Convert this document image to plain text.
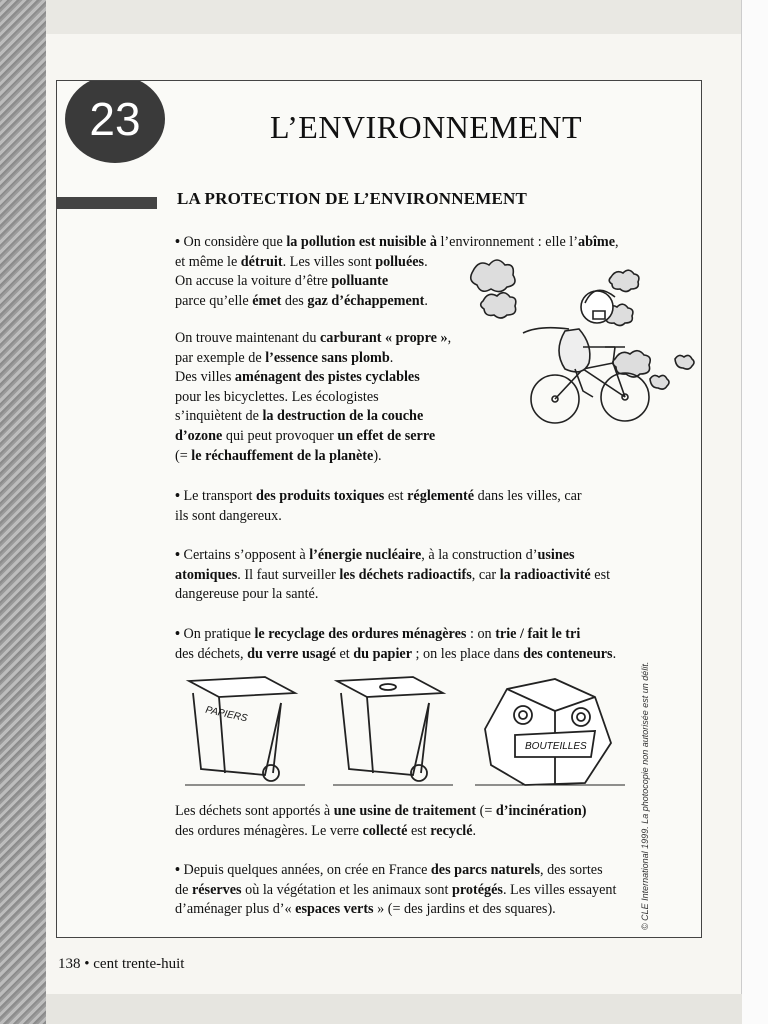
23	L’ENVIRONNEMENT
LA PROTECTION DE L’ENVIRONNEMENT
• On considère que la pollution est nuisible à l’environnement : elle l’abîme,
et même le détruit. Les villes sont polluées.
On accuse la voiture d’être polluante
parce qu’elle émet des gaz d’échappement.
On trouve maintenant du carburant « propre »,
par exemple de l’essence sans plomb.
Des villes aménagent des pistes cyclables
pour les bicyclettes. Les écologistes
s’inquiètent de la destruction de la couche
d’ozone qui peut provoquer un effet de serre
(= le réchauffement de la planète).
• Le transport des produits toxiques est réglementé dans les villes, car
ils sont dangereux.
• Certains s’opposent à l’énergie nucléaire, à la construction d’usines
atomiques. Il faut surveiller les déchets radioactifs, car la radioactivité est
dangereuse pour la santé.
• On pratique le recyclage des ordures ménagères : on trie / fait le tri
des déchets, du verre usagé et du papier ; on les place dans des conteneurs.
Les déchets sont apportés à une usine de traitement (= d’incinération)
des ordures ménagères. Le verre collecté est recyclé.
• Depuis quelques années, on crée en France des parcs naturels, des sortes
de réserves où la végétation et les animaux sont protégés. Les villes essayent
d’aménager plus d’« espaces verts » (= des jardins et des squares).
PAPIERS
BOUTEILLES
138 • cent trente-huit
© CLE International 1999. La photocopie non autorisée est un délit.
